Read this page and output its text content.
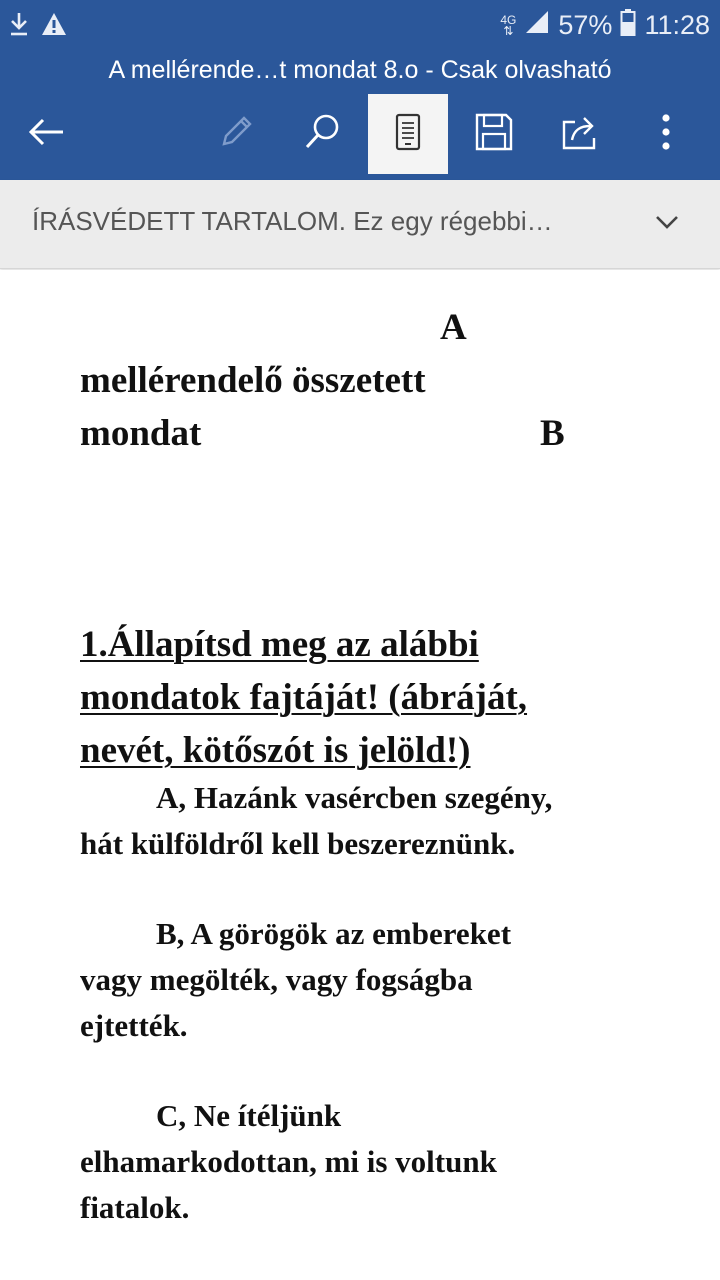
4G
⇅ 57% 11:28
A mellérende…t mondat 8.o - Csak olvasható
ÍRÁSVÉDETT TARTALOM. Ez egy régebbi…
A
mellérendelő összetett
mondat	B
1.Állapítsd meg az alábbi
mondatok fajtáját! (ábráját,
nevét, kötőszót is jelöld!)
A, Hazánk vasércben szegény,
hát külföldről kell beszereznünk.
B, A görögök az embereket
vagy megölték, vagy fogságba
ejtették.
C, Ne ítéljünk
elhamarkodottan, mi is voltunk
fiatalok.
